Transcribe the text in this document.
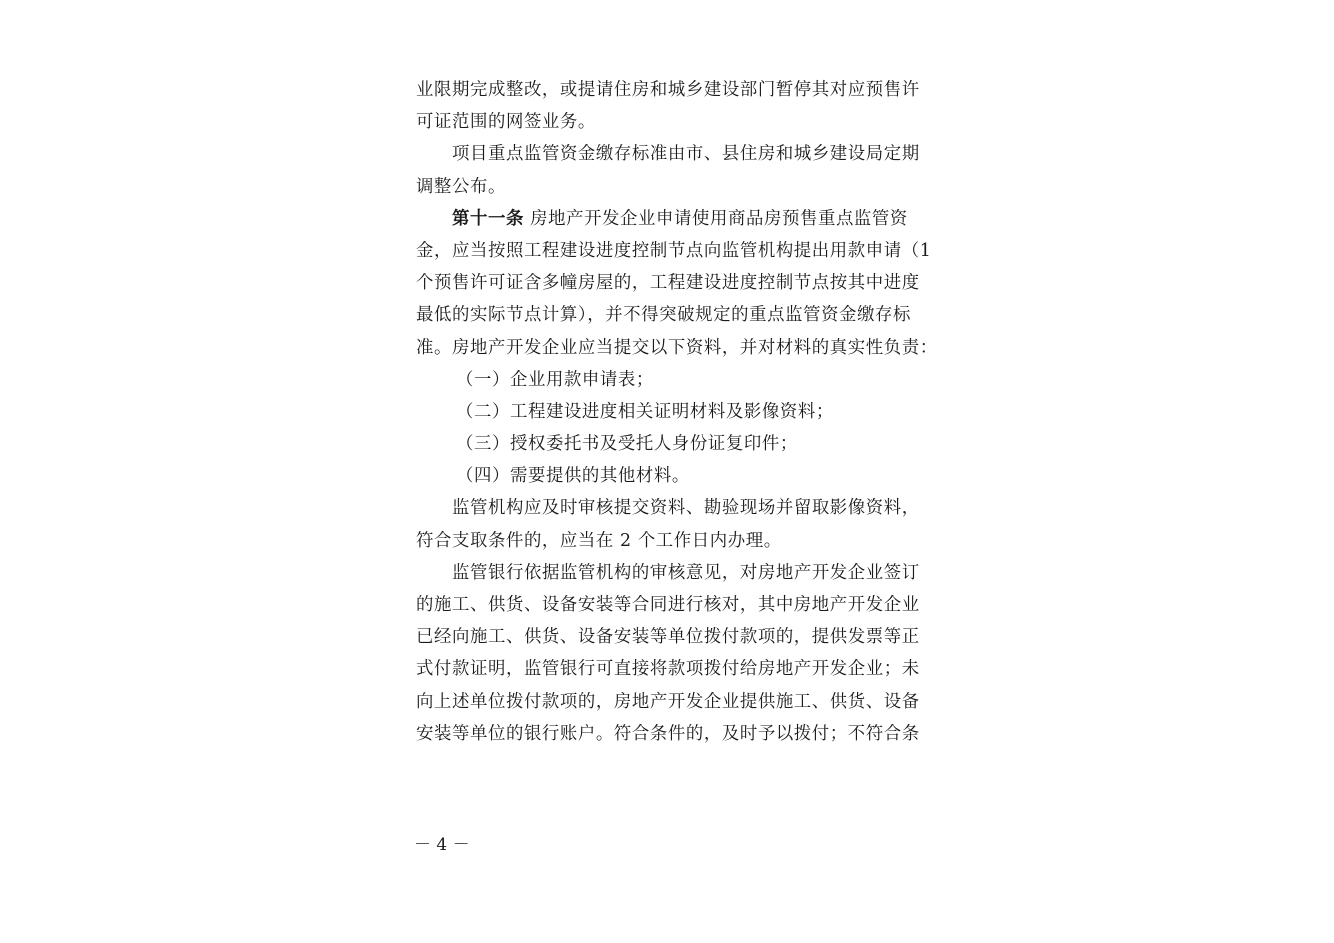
业限期完成整改，或提请住房和城乡建设部门暂停其对应预售许
可证范围的网签业务。
项目重点监管资金缴存标准由市、县住房和城乡建设局定期
调整公布。
第十一条 房地产开发企业申请使用商品房预售重点监管资
金，应当按照工程建设进度控制节点向监管机构提出用款申请（1
个预售许可证含多幢房屋的，工程建设进度控制节点按其中进度
最低的实际节点计算），并不得突破规定的重点监管资金缴存标
准。房地产开发企业应当提交以下资料，并对材料的真实性负责：
（一）企业用款申请表；
（二）工程建设进度相关证明材料及影像资料；
（三）授权委托书及受托人身份证复印件；
（四）需要提供的其他材料。
监管机构应及时审核提交资料、勘验现场并留取影像资料，
符合支取条件的，应当在 2 个工作日内办理。
监管银行依据监管机构的审核意见，对房地产开发企业签订
的施工、供货、设备安装等合同进行核对，其中房地产开发企业
已经向施工、供货、设备安装等单位拨付款项的，提供发票等正
式付款证明，监管银行可直接将款项拨付给房地产开发企业；未
向上述单位拨付款项的，房地产开发企业提供施工、供货、设备
安装等单位的银行账户。符合条件的，及时予以拨付；不符合条
－ 4 －
